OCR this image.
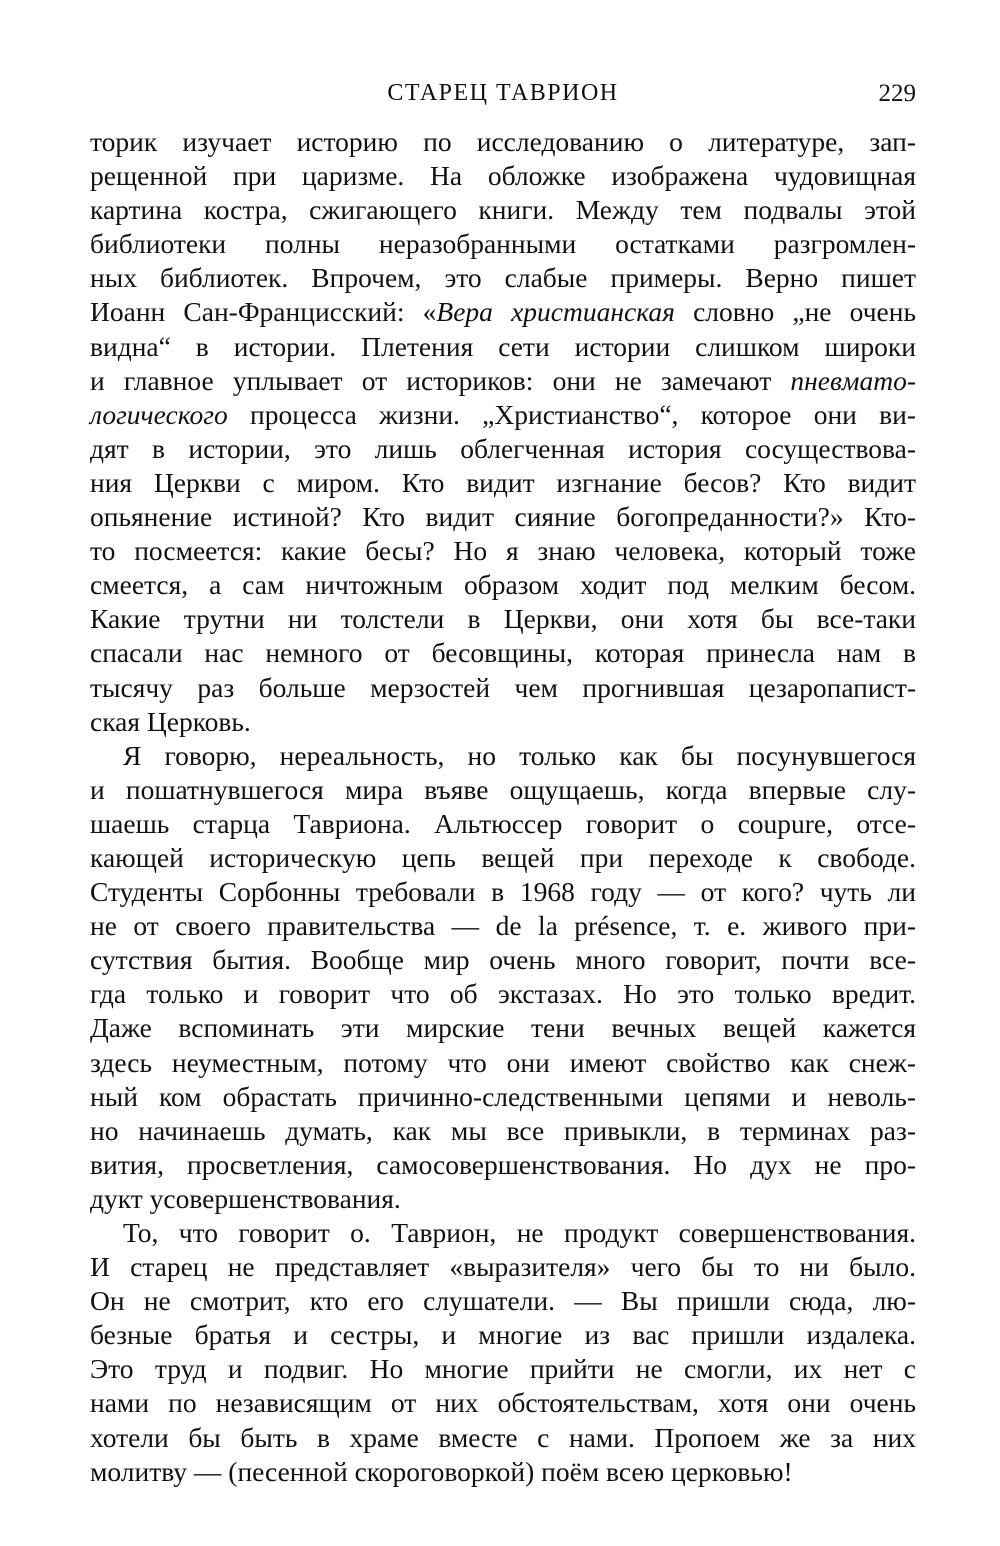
СТАРЕЦ ТАВРИОН	229
торик изучает историю по исследованию о литературе, зап-
рещенной при царизме. На обложке изображена чудовищная
картина костра, сжигающего книги. Между тем подвалы этой
библиотеки полны неразобранными остатками разгромлен-
ных библиотек. Впрочем, это слабые примеры. Верно пишет
Иоанн Сан-Францисский: «Вера христианская словно „не очень
видна“ в истории. Плетения сети истории слишком широки
и главное уплывает от историков: они не замечают пневмато-
логического процесса жизни. „Христианство“, которое они ви-
дят в истории, это лишь облегченная история сосуществова-
ния Церкви с миром. Кто видит изгнание бесов? Кто видит
опьянение истиной? Кто видит сияние богопреданности?» Кто-
то посмеется: какие бесы? Но я знаю человека, который тоже
смеется, а сам ничтожным образом ходит под мелким бесом.
Какие трутни ни толстели в Церкви, они хотя бы все-таки
спасали нас немного от бесовщины, которая принесла нам в
тысячу раз больше мерзостей чем прогнившая цезаропапист-
ская Церковь.
Я говорю, нереальность, но только как бы посунувшегося
и пошатнувшегося мира въяве ощущаешь, когда впервые слу-
шаешь старца Тавриона. Альтюссер говорит о coupure, отсе-
кающей историческую цепь вещей при переходе к свободе.
Студенты Сорбонны требовали в 1968 году — от кого? чуть ли
не от своего правительства — de la présence, т. е. живого при-
сутствия бытия. Вообще мир очень много говорит, почти все-
гда только и говорит что об экстазах. Но это только вредит.
Даже вспоминать эти мирские тени вечных вещей кажется
здесь неуместным, потому что они имеют свойство как снеж-
ный ком обрастать причинно-следственными цепями и неволь-
но начинаешь думать, как мы все привыкли, в терминах раз-
вития, просветления, самосовершенствования. Но дух не про-
дукт усовершенствования.
То, что говорит о. Таврион, не продукт совершенствования.
И старец не представляет «выразителя» чего бы то ни было.
Он не смотрит, кто его слушатели. — Вы пришли сюда, лю-
безные братья и сестры, и многие из вас пришли издалека.
Это труд и подвиг. Но многие прийти не смогли, их нет с
нами по независящим от них обстоятельствам, хотя они очень
хотели бы быть в храме вместе с нами. Пропоем же за них
молитву — (песенной скороговоркой) поём всею церковью!
